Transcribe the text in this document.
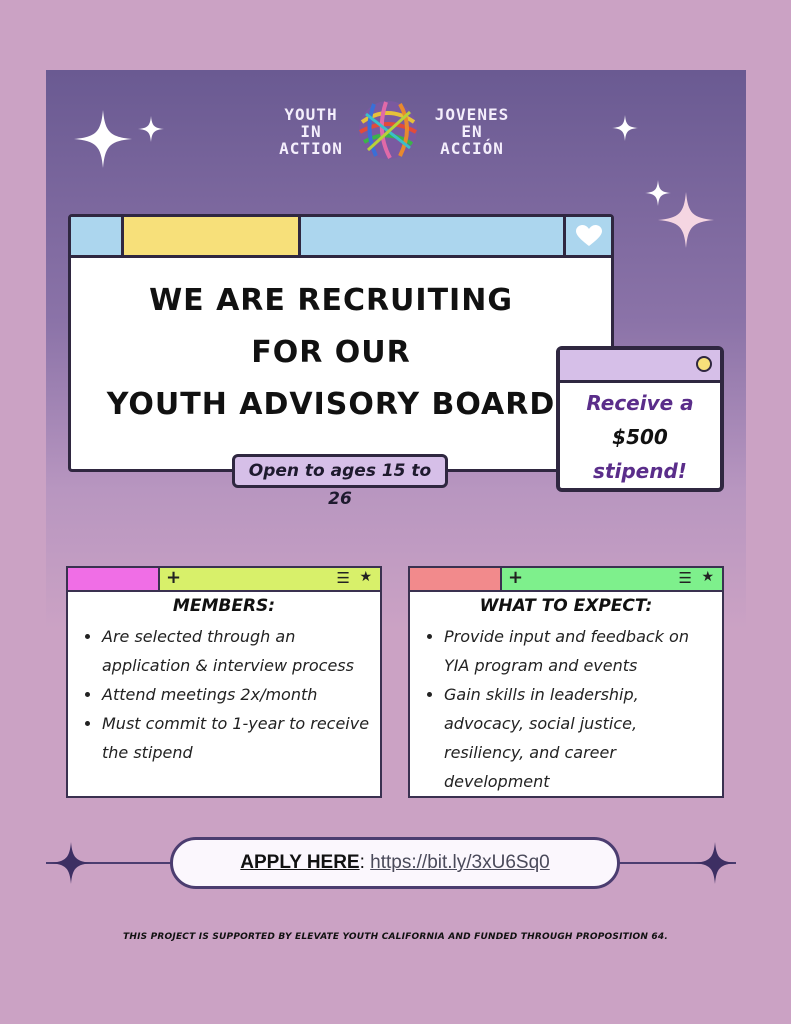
YOUTH
IN
ACTION
JOVENES
EN
ACCIÓN
WE ARE RECRUITING
FOR OUR
YOUTH ADVISORY BOARD
Open to ages 15 to 26
Receive a
$500
stipend!
+	☰ ★
MEMBERS:
• Are selected through an application & interview process
• Attend meetings 2x/month
• Must commit to 1-year to receive the stipend
+	☰ ★
WHAT TO EXPECT:
• Provide input and feedback on YIA program and events
• Gain skills in leadership, advocacy, social justice, resiliency, and career development
APPLY HERE: https://bit.ly/3xU6Sq0
THIS PROJECT IS SUPPORTED BY ELEVATE YOUTH CALIFORNIA AND FUNDED THROUGH PROPOSITION 64.
